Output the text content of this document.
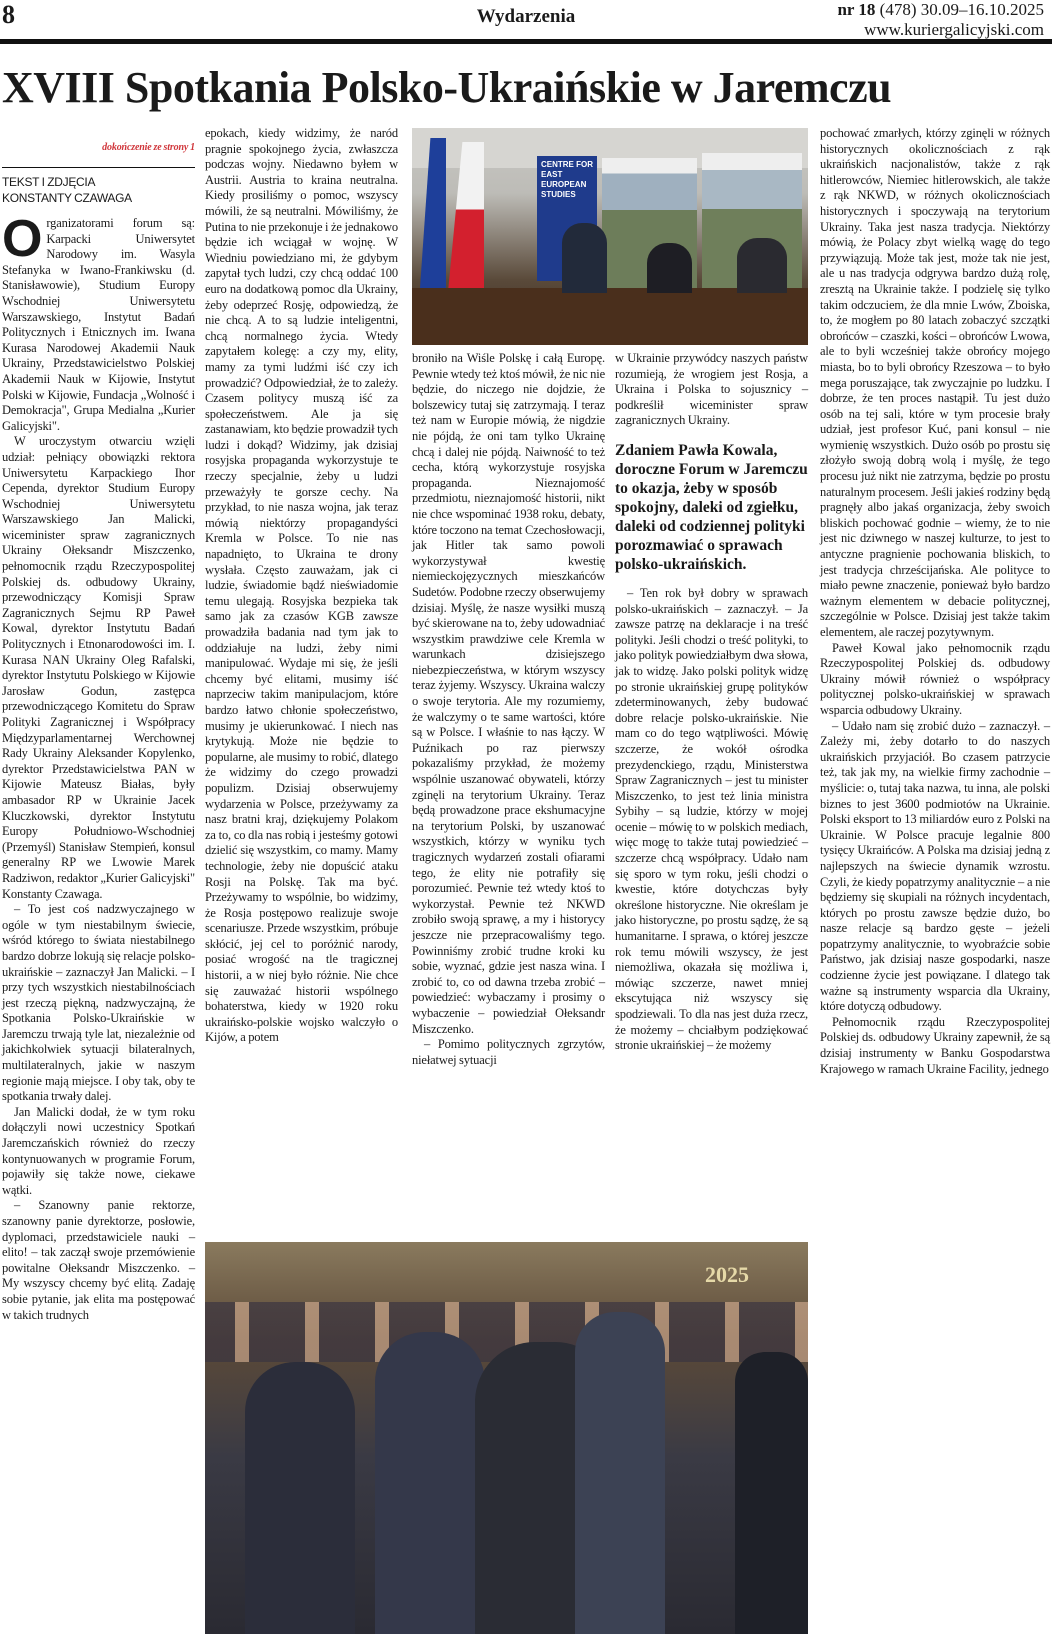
8	Wydarzenia	nr 18 (478) 30.09–16.10.2025
www.kuriergalicyjski.com
XVIII Spotkania Polsko-Ukraińskie w Jaremczu
dokończenie ze strony 1
TEKST I ZDJĘCIA
KONSTANTY CZAWAGA

Organizatorami forum są: Karpacki Uniwersytet Narodowy im. Wasyla Stefanyka w Iwano-Frankiwsku (d. Stanisławowie), Studium Europy Wschodniej Uniwersytetu Warszawskiego, Instytut Badań Politycznych i Etnicznych im. Iwana Kurasa Narodowej Akademii Nauk Ukrainy, Przedstawicielstwo Polskiej Akademii Nauk w Kijowie, Instytut Polski w Kijowie, Fundacja „Wolność i Demokracja", Grupa Medialna „Kurier Galicyjski".

W uroczystym otwarciu wzięli udział: pełniący obowiązki rektora Uniwersytetu Karpackiego Ihor Cependa, dyrektor Studium Europy Wschodniej Uniwersytetu Warszawskiego Jan Malicki, wiceminister spraw zagranicznych Ukrainy Ołeksandr Miszczenko, pełnomocnik rządu Rzeczypospolitej Polskiej ds. odbudowy Ukrainy, przewodniczący Komisji Spraw Zagranicznych Sejmu RP Paweł Kowal, dyrektor Instytutu Badań Politycznych i Etnonarodowości im. I. Kurasa NAN Ukrainy Oleg Rafalski, dyrektor Instytutu Polskiego w Kijowie Jarosław Godun, zastępca przewodniczącego Komitetu do Spraw Polityki Zagranicznej i Współpracy Międzyparlamentarnej Werchownej Rady Ukrainy Aleksander Kopylenko, dyrektor Przedstawicielstwa PAN w Kijowie Mateusz Białas, były ambasador RP w Ukrainie Jacek Kluczkowski, dyrektor Instytutu Europy Południowo-Wschodniej (Przemyśl) Stanisław Stempień, konsul generalny RP we Lwowie Marek Radziwon, redaktor „Kurier Galicyjski" Konstanty Czawaga.

– To jest coś nadzwyczajnego w ogóle w tym niestabilnym świecie, wśród którego to świata niestabilnego bardzo dobrze lokują się relacje polsko-ukraińskie – zaznaczył Jan Malicki. – I przy tych wszystkich niestabilnościach jest rzeczą piękną, nadzwyczajną, że Spotkania Polsko-Ukraińskie w Jaremczu trwają tyle lat, niezależnie od jakichkolwiek sytuacji bilateralnych, multilateralnych, jakie w naszym regionie mają miejsce. I oby tak, oby te spotkania trwały dalej.

Jan Malicki dodał, że w tym roku dołączyli nowi uczestnicy Spotkań Jaremczańskich również do rzeczy kontynuowanych w programie Forum, pojawiły się także nowe, ciekawe wątki.

– Szanowny panie rektorze, szanowny panie dyrektorze, posłowie, dyplomaci, przedstawiciele nauki – elito! – tak zaczął swoje przemówienie powitalne Ołeksandr Miszczenko. – My wszyscy chcemy być elitą. Zadaję sobie pytanie, jak elita ma postępować w takich trudnych

epokach, kiedy widzimy, że naród pragnie spokojnego życia, zwłaszcza podczas wojny. Niedawno byłem w Austrii. Austria to kraina neutralna. Kiedy prosiliśmy o pomoc, wszyscy mówili, że są neutralni. Mówiliśmy, że Putina to nie przekonuje i że jednakowo będzie ich wciągał w wojnę. W Wiedniu powiedziano mi, że gdybym zapytał tych ludzi, czy chcą oddać 100 euro na dodatkową pomoc dla Ukrainy, żeby odeprzeć Rosję, odpowiedzą, że nie chcą. A to są ludzie inteligentni, chcą normalnego życia. Wtedy zapytałem kolegę: a czy my, elity, mamy za tymi ludźmi iść czy ich prowadzić? Odpowiedział, że to zależy. Czasem politycy muszą iść za społeczeństwem. Ale ja się zastanawiam, kto będzie prowadził tych ludzi i dokąd? Widzimy, jak dzisiaj rosyjska propaganda wykorzystuje te rzeczy specjalnie, żeby u ludzi przeważyły te gorsze cechy. Na przykład, to nie nasza wojna, jak teraz mówią niektórzy propagandyści Kremla w Polsce. To nie nas napadnięto, to Ukraina te drony wysłała. Często zauważam, jak ci ludzie, świadomie bądź nieświadomie temu ulegają. Rosyjska bezpieka tak samo jak za czasów KGB zawsze prowadziła badania nad tym jak to oddziałuje na ludzi, żeby nimi manipulować. Wydaje mi się, że jeśli chcemy być elitami, musimy iść naprzeciw takim manipulacjom, które bardzo łatwo chłonie społeczeństwo, musimy je ukierunkować. I niech nas krytykują. Może nie będzie to popularne, ale musimy to robić, dlatego że widzimy do czego prowadzi populizm. Dzisiaj obserwujemy wydarzenia w Polsce, przeżywamy za nasz bratni kraj, dziękujemy Polakom za to, co dla nas robią i jesteśmy gotowi dzielić się wszystkim, co mamy. Mamy technologie, żeby nie dopuścić ataku Rosji na Polskę. Tak ma być. Przeżywamy to wspólnie, bo widzimy, że Rosja postępowo realizuje swoje scenariusze. Przede wszystkim, próbuje skłócić, jej cel to poróżnić narody, posiać wrogość na tle tragicznej historii, a w niej było różnie. Nie chce się zauważać historii wspólnego bohaterstwa, kiedy w 1920 roku ukraińsko-polskie wojsko walczyło o Kijów, a potem

CENTRE FOR EAST EUROPEAN STUDIES

broniło na Wiśle Polskę i całą Europę. Pewnie wtedy też ktoś mówił, że nic nie będzie, do niczego nie dojdzie, że bolszewicy tutaj się zatrzymają. I teraz też nam w Europie mówią, że nigdzie nie pójdą, że oni tam tylko Ukrainę chcą i dalej nie pójdą. Naiwność to też cecha, którą wykorzystuje rosyjska propaganda. Nieznajomość przedmiotu, nieznajomość historii, nikt nie chce wspominać 1938 roku, debaty, które toczono na temat Czechosłowacji, jak Hitler tak samo powoli wykorzystywał kwestię niemieckojęzycznych mieszkańców Sudetów. Podobne rzeczy obserwujemy dzisiaj. Myślę, że nasze wysiłki muszą być skierowane na to, żeby udowadniać wszystkim prawdziwe cele Kremla w warunkach dzisiejszego niebezpieczeństwa, w którym wszyscy teraz żyjemy. Wszyscy. Ukraina walczy o swoje terytoria. Ale my rozumiemy, że walczymy o te same wartości, które są w Polsce. I właśnie to nas łączy. W Puźnikach po raz pierwszy pokazaliśmy przykład, że możemy wspólnie uszanować obywateli, którzy zginęli na terytorium Ukrainy. Teraz będą prowadzone prace ekshumacyjne na terytorium Polski, by uszanować wszystkich, którzy w wyniku tych tragicznych wydarzeń zostali ofiarami tego, że elity nie potrafiły się porozumieć. Pewnie też wtedy ktoś to wykorzystał. Pewnie też NKWD zrobiło swoją sprawę, a my i historycy jeszcze nie przepracowaliśmy tego. Powinniśmy zrobić trudne kroki ku sobie, wyznać, gdzie jest nasza wina. I zrobić to, co od dawna trzeba zrobić – powiedzieć: wybaczamy i prosimy o wybaczenie – powiedział Ołeksandr Miszczenko.

– Pomimo politycznych zgrzytów, niełatwej sytuacji

w Ukrainie przywódcy naszych państw rozumieją, że wrogiem jest Rosja, a Ukraina i Polska to sojusznicy – podkreślił wiceminister spraw zagranicznych Ukrainy.

Zdaniem Pawła Kowala, doroczne Forum w Jaremczu to okazja, żeby w sposób spokojny, daleki od zgiełku, daleki od codziennej polityki porozmawiać o sprawach polsko-ukraińskich.

– Ten rok był dobry w sprawach polsko-ukraińskich – zaznaczył. – Ja zawsze patrzę na deklaracje i na treść polityki. Jeśli chodzi o treść polityki, to jako polityk powiedziałbym dwa słowa, jak to widzę. Jako polski polityk widzę po stronie ukraińskiej grupę polityków zdeterminowanych, żeby budować dobre relacje polsko-ukraińskie. Nie mam co do tego wątpliwości. Mówię szczerze, że wokół ośrodka prezydenckiego, rządu, Ministerstwa Spraw Zagranicznych – jest tu minister Miszczenko, to jest też linia ministra Sybihy – są ludzie, którzy w mojej ocenie – mówię to w polskich mediach, więc mogę to także tutaj powiedzieć – szczerze chcą współpracy. Udało nam się sporo w tym roku, jeśli chodzi o kwestie, które dotychczas były określone historyczne. Nie określam je jako historyczne, po prostu sądzę, że są humanitarne. I sprawa, o której jeszcze rok temu mówili wszyscy, że jest niemożliwa, okazała się możliwa i, mówiąc szczerze, nawet mniej ekscytująca niż wszyscy się spodziewali. To dla nas jest duża rzecz, że możemy – chciałbym podziękować stronie ukraińskiej – że możemy

2025

pochować zmarłych, którzy zginęli w różnych historycznych okolicznościach z rąk ukraińskich nacjonalistów, także z rąk hitlerowców, Niemiec hitlerowskich, ale także z rąk NKWD, w różnych okolicznościach historycznych i spoczywają na terytorium Ukrainy. Taka jest nasza tradycja. Niektórzy mówią, że Polacy zbyt wielką wagę do tego przywiązują. Może tak jest, może tak nie jest, ale u nas tradycja odgrywa bardzo dużą rolę, zresztą na Ukrainie także. I podzielę się tylko takim odczuciem, że dla mnie Lwów, Zboiska, to, że mogłem po 80 latach zobaczyć szczątki obrońców – czaszki, kości – obrońców Lwowa, ale to byli wcześniej także obrońcy mojego miasta, bo to byli obrońcy Rzeszowa – to było mega poruszające, tak zwyczajnie po ludzku. I dobrze, że ten proces nastąpił. Tu jest dużo osób na tej sali, które w tym procesie brały udział, jest profesor Kuć, pani konsul – nie wymienię wszystkich. Dużo osób po prostu się złożyło swoją dobrą wolą i myślę, że tego procesu już nikt nie zatrzyma, będzie po prostu naturalnym procesem. Jeśli jakieś rodziny będą pragnęły albo jakaś organizacja, żeby swoich bliskich pochować godnie – wiemy, że to nie jest nic dziwnego w naszej kulturze, to jest to antyczne pragnienie pochowania bliskich, to jest tradycja chrześcijańska. Ale polityce to miało pewne znaczenie, ponieważ było bardzo ważnym elementem w debacie politycznej, szczególnie w Polsce. Dzisiaj jest także takim elementem, ale raczej pozytywnym.

Paweł Kowal jako pełnomocnik rządu Rzeczypospolitej Polskiej ds. odbudowy Ukrainy mówił również o współpracy politycznej polsko-ukraińskiej w sprawach wsparcia odbudowy Ukrainy.

– Udało nam się zrobić dużo – zaznaczył. – Zależy mi, żeby dotarło to do naszych ukraińskich przyjaciół. Bo czasem patrzycie też, tak jak my, na wielkie firmy zachodnie – myślicie: o, tutaj taka nazwa, tu inna, ale polski biznes to jest 3600 podmiotów na Ukrainie. Polski eksport to 13 miliardów euro z Polski na Ukrainie. W Polsce pracuje legalnie 800 tysięcy Ukraińców. A Polska ma dzisiaj jedną z najlepszych na świecie dynamik wzrostu. Czyli, że kiedy popatrzymy analitycznie – a nie będziemy się skupiali na różnych incydentach, których po prostu zawsze będzie dużo, bo nasze relacje są bardzo gęste – jeżeli popatrzymy analitycznie, to wyobraźcie sobie Państwo, jak dzisiaj nasze gospodarki, nasze codzienne życie jest powiązane. I dlatego tak ważne są instrumenty wsparcia dla Ukrainy, które dotyczą odbudowy.

Pełnomocnik rządu Rzeczypospolitej Polskiej ds. odbudowy Ukrainy zapewnił, że są dzisiaj instrumenty w Banku Gospodarstwa Krajowego w ramach Ukraine Facility, jednego
